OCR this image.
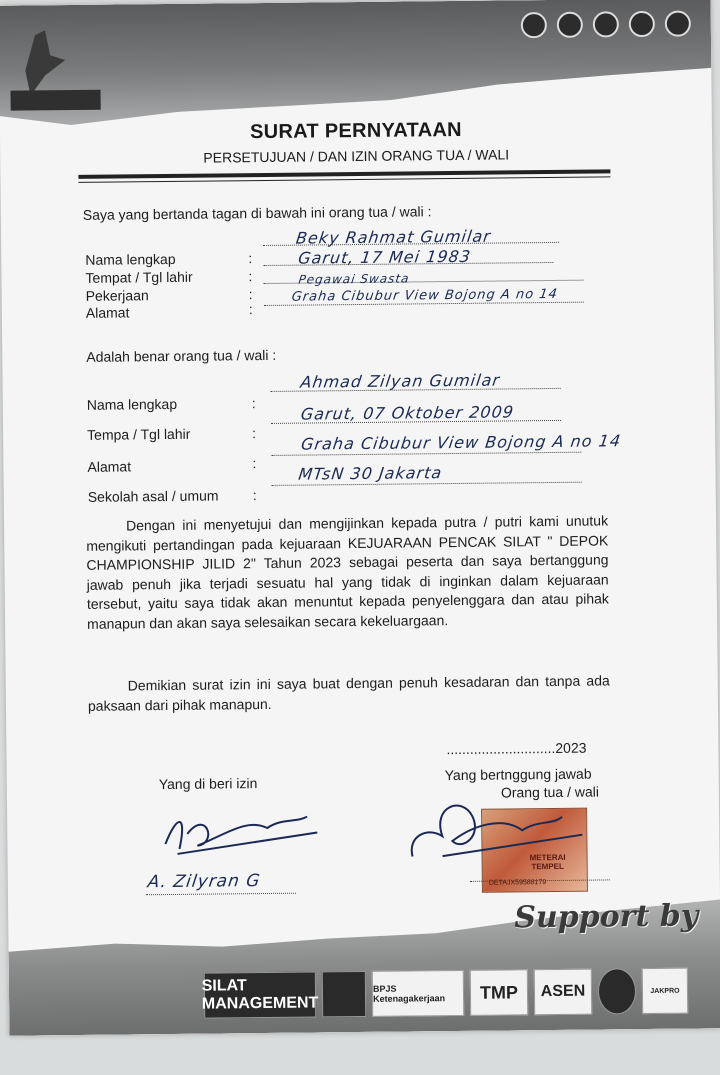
SURAT PERNYATAAN
PERSETUJUAN / DAN IZIN ORANG TUA / WALI
Saya yang bertanda tagan di bawah ini orang tua / wali :
Nama lengkap	:
Beky Rahmat Gumilar
Tempat / Tgl lahir	:
Garut, 17 Mei 1983
Pekerjaan	:
Pegawai Swasta
Alamat	:
Graha Cibubur View Bojong A no 14
Adalah benar orang tua / wali :
Nama lengkap	:
Ahmad Zilyan Gumilar
Tempa / Tgl lahir	:
Garut, 07 Oktober 2009
Alamat	:
Graha Cibubur View Bojong A no 14
Sekolah asal / umum :
MTsN 30 Jakarta
Dengan ini menyetujui dan mengijinkan kepada putra / putri kami unutuk mengikuti pertandingan pada kejuaraan KEJUARAAN PENCAK SILAT " DEPOK CHAMPIONSHIP JILID 2" Tahun 2023 sebagai peserta dan saya bertanggung jawab penuh jika terjadi sesuatu hal yang tidak di inginkan dalam kejuaraan tersebut, yaitu saya tidak akan menuntut kepada penyelenggara dan atau pihak manapun dan akan saya selesaikan secara kekeluargaan.
Demikian surat izin ini saya buat dengan penuh kesadaran dan tanpa ada paksaan dari pihak manapun.
............................2023
Yang di beri izin
A. Zilyran G
Yang bertnggung jawab
Orang tua / wali
METERAI TEMPEL
DETAJX59588179
Support by
SILAT MANAGEMENT
BPJS Ketenagakerjaan	TMP	ASEN	JAKPRO
